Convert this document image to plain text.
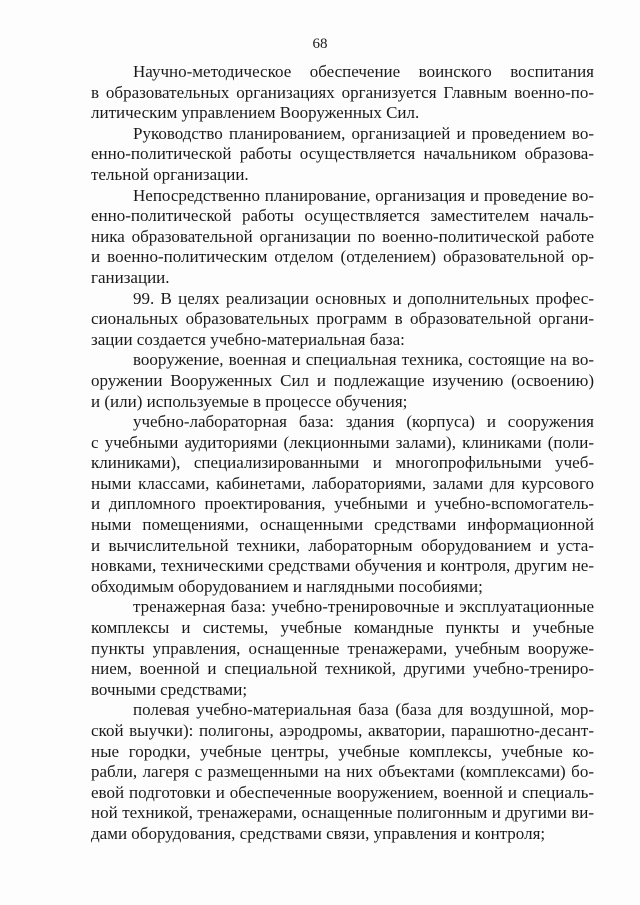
68
Научно-методическое обеспечение воинского воспитания
в образовательных организациях организуется Главным военно-по-
литическим управлением Вооруженных Сил.
Руководство планированием, организацией и проведением во-
енно-политической работы осуществляется начальником образова-
тельной организации.
Непосредственно планирование, организация и проведение во-
енно-политической работы осуществляется заместителем началь-
ника образовательной организации по военно-политической работе
и военно-политическим отделом (отделением) образовательной ор-
ганизации.
99. В целях реализации основных и дополнительных профес-
сиональных образовательных программ в образовательной органи-
зации создается учебно-материальная база:
вооружение, военная и специальная техника, состоящие на во-
оружении Вооруженных Сил и подлежащие изучению (освоению)
и (или) используемые в процессе обучения;
учебно-лабораторная база: здания (корпуса) и сооружения
с учебными аудиториями (лекционными залами), клиниками (поли-
клиниками), специализированными и многопрофильными учеб-
ными классами, кабинетами, лабораториями, залами для курсового
и дипломного проектирования, учебными и учебно-вспомогатель-
ными помещениями, оснащенными средствами информационной
и вычислительной техники, лабораторным оборудованием и уста-
новками, техническими средствами обучения и контроля, другим не-
обходимым оборудованием и наглядными пособиями;
тренажерная база: учебно-тренировочные и эксплуатационные
комплексы и системы, учебные командные пункты и учебные
пункты управления, оснащенные тренажерами, учебным вооруже-
нием, военной и специальной техникой, другими учебно-трениро-
вочными средствами;
полевая учебно-материальная база (база для воздушной, мор-
ской выучки): полигоны, аэродромы, акватории, парашютно-десант-
ные городки, учебные центры, учебные комплексы, учебные ко-
рабли, лагеря с размещенными на них объектами (комплексами) бо-
евой подготовки и обеспеченные вооружением, военной и специаль-
ной техникой, тренажерами, оснащенные полигонным и другими ви-
дами оборудования, средствами связи, управления и контроля;
